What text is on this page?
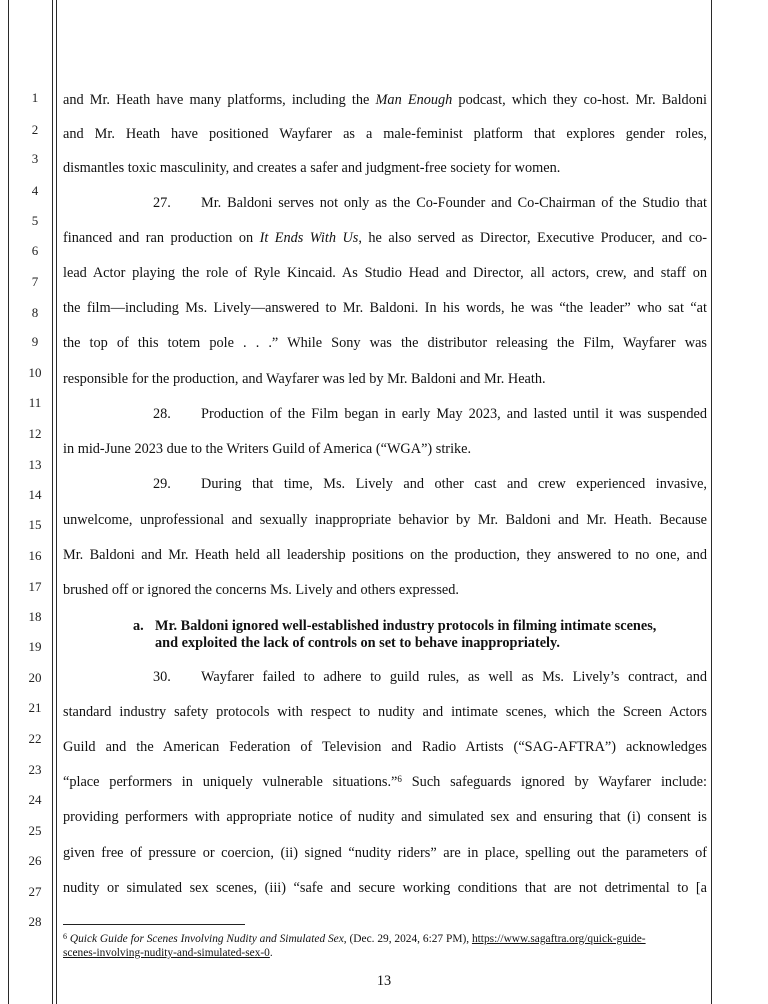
1
2
3
4
5
6
7
8
9
10
11
12
13
14
15
16
17
18
19
20
21
22
23
24
25
26
27
28
and Mr. Heath have many platforms, including the Man Enough podcast, which they co-host. Mr. Baldoni
and Mr. Heath have positioned Wayfarer as a male-feminist platform that explores gender roles,
dismantles toxic masculinity, and creates a safer and judgment-free society for women.
27. Mr. Baldoni serves not only as the Co-Founder and Co-Chairman of the Studio that
financed and ran production on It Ends With Us, he also served as Director, Executive Producer, and co-
lead Actor playing the role of Ryle Kincaid. As Studio Head and Director, all actors, crew, and staff on
the film—including Ms. Lively—answered to Mr. Baldoni. In his words, he was “the leader” who sat “at
the top of this totem pole . . .” While Sony was the distributor releasing the Film, Wayfarer was
responsible for the production, and Wayfarer was led by Mr. Baldoni and Mr. Heath.
28. Production of the Film began in early May 2023, and lasted until it was suspended
in mid-June 2023 due to the Writers Guild of America (“WGA”) strike.
29. During that time, Ms. Lively and other cast and crew experienced invasive,
unwelcome, unprofessional and sexually inappropriate behavior by Mr. Baldoni and Mr. Heath. Because
Mr. Baldoni and Mr. Heath held all leadership positions on the production, they answered to no one, and
brushed off or ignored the concerns Ms. Lively and others expressed.
a. Mr. Baldoni ignored well-established industry protocols in filming intimate scenes,
and exploited the lack of controls on set to behave inappropriately.
30. Wayfarer failed to adhere to guild rules, as well as Ms. Lively’s contract, and
standard industry safety protocols with respect to nudity and intimate scenes, which the Screen Actors
Guild and the American Federation of Television and Radio Artists (“SAG-AFTRA”) acknowledges
“place performers in uniquely vulnerable situations.”$^6$ Such safeguards ignored by Wayfarer include:
providing performers with appropriate notice of nudity and simulated sex and ensuring that (i) consent is
given free of pressure or coercion, (ii) signed “nudity riders” are in place, spelling out the parameters of
nudity or simulated sex scenes, (iii) “safe and secure working conditions that are not detrimental to [a
$^6$ Quick Guide for Scenes Involving Nudity and Simulated Sex, (Dec. 29, 2024, 6:27 PM), https://www.sagaftra.org/quick-guide-
scenes-involving-nudity-and-simulated-sex-0.
13
